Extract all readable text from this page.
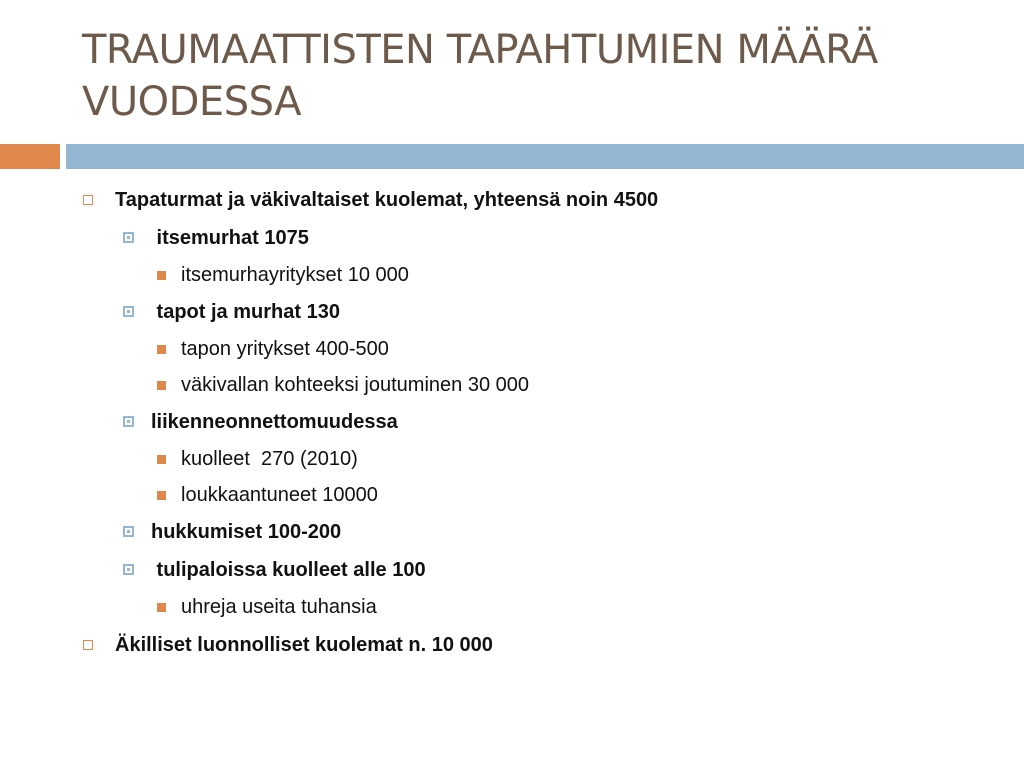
TRAUMAATTISTEN TAPAHTUMIEN MÄÄRÄ
VUODESSA
Tapaturmat ja väkivaltaiset kuolemat, yhteensä noin 4500
itsemurhat 1075
itsemurhayritykset 10 000
tapot ja murhat 130
tapon yritykset 400-500
väkivallan kohteeksi joutuminen 30 000
liikenneonnettomuudessa
kuolleet  270 (2010)
loukkaantuneet 10000
hukkumiset 100-200
tulipaloissa kuolleet alle 100
uhreja useita tuhansia
Äkilliset luonnolliset kuolemat n. 10 000
